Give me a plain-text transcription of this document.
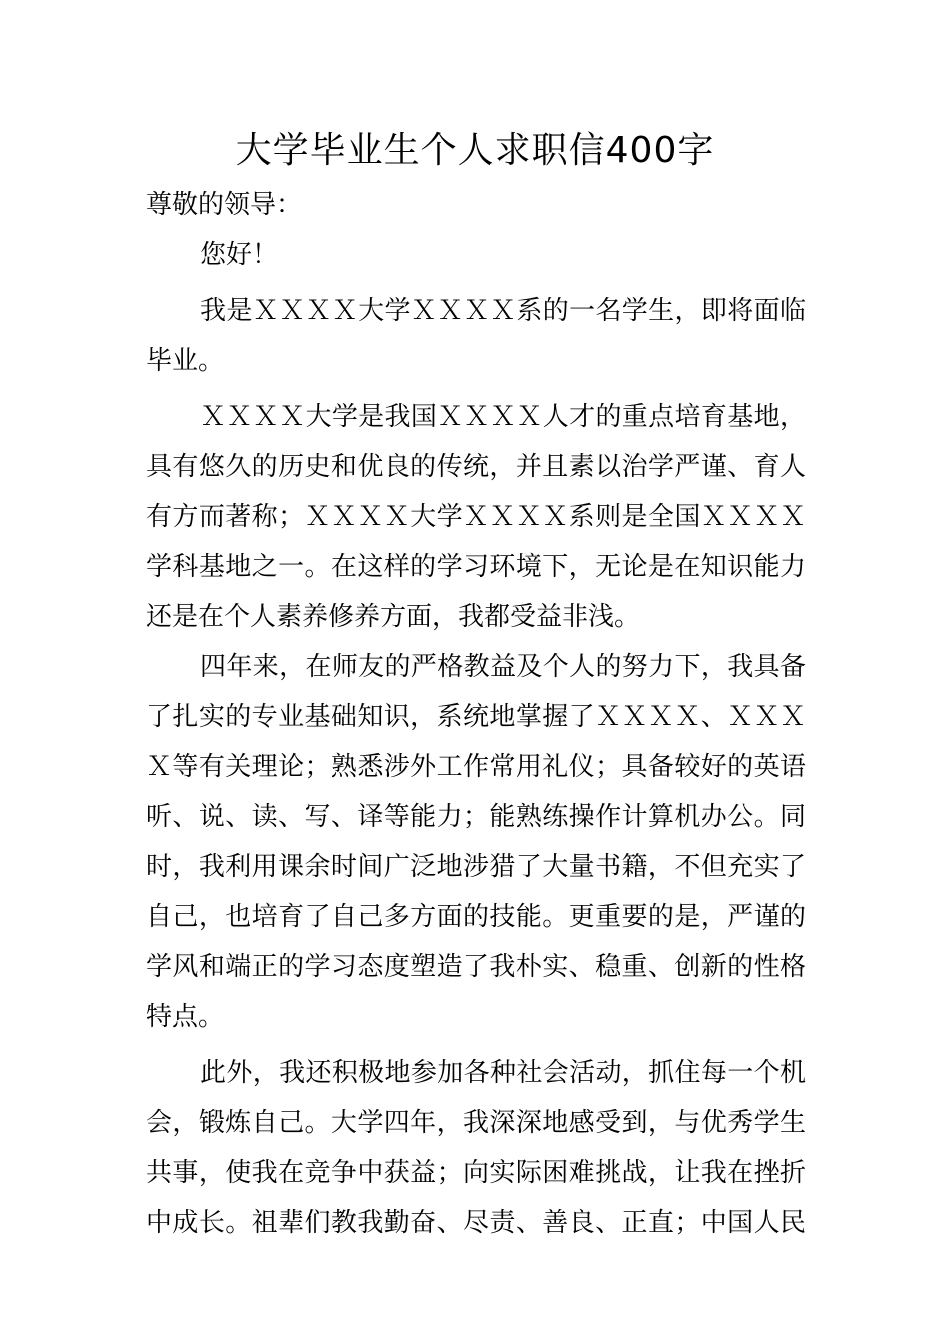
大学毕业生个人求职信400字
尊敬的领导：
您好！
我是ＸＸＸＸ大学ＸＸＸＸ系的一名学生，即将面临
毕业。
ＸＸＸＸ大学是我国ＸＸＸＸ人才的重点培育基地，
具有悠久的历史和优良的传统，并且素以治学严谨、育人
有方而著称；ＸＸＸＸ大学ＸＸＸＸ系则是全国ＸＸＸＸ
学科基地之一。在这样的学习环境下，无论是在知识能力
还是在个人素养修养方面，我都受益非浅。
四年来，在师友的严格教益及个人的努力下，我具备
了扎实的专业基础知识，系统地掌握了ＸＸＸＸ、ＸＸＸ
Ｘ等有关理论；熟悉涉外工作常用礼仪；具备较好的英语
听、说、读、写、译等能力；能熟练操作计算机办公。同
时，我利用课余时间广泛地涉猎了大量书籍，不但充实了
自己，也培育了自己多方面的技能。更重要的是，严谨的
学风和端正的学习态度塑造了我朴实、稳重、创新的性格
特点。
此外，我还积极地参加各种社会活动，抓住每一个机
会，锻炼自己。大学四年，我深深地感受到，与优秀学生
共事，使我在竞争中获益；向实际困难挑战，让我在挫折
中成长。祖辈们教我勤奋、尽责、善良、正直；中国人民
